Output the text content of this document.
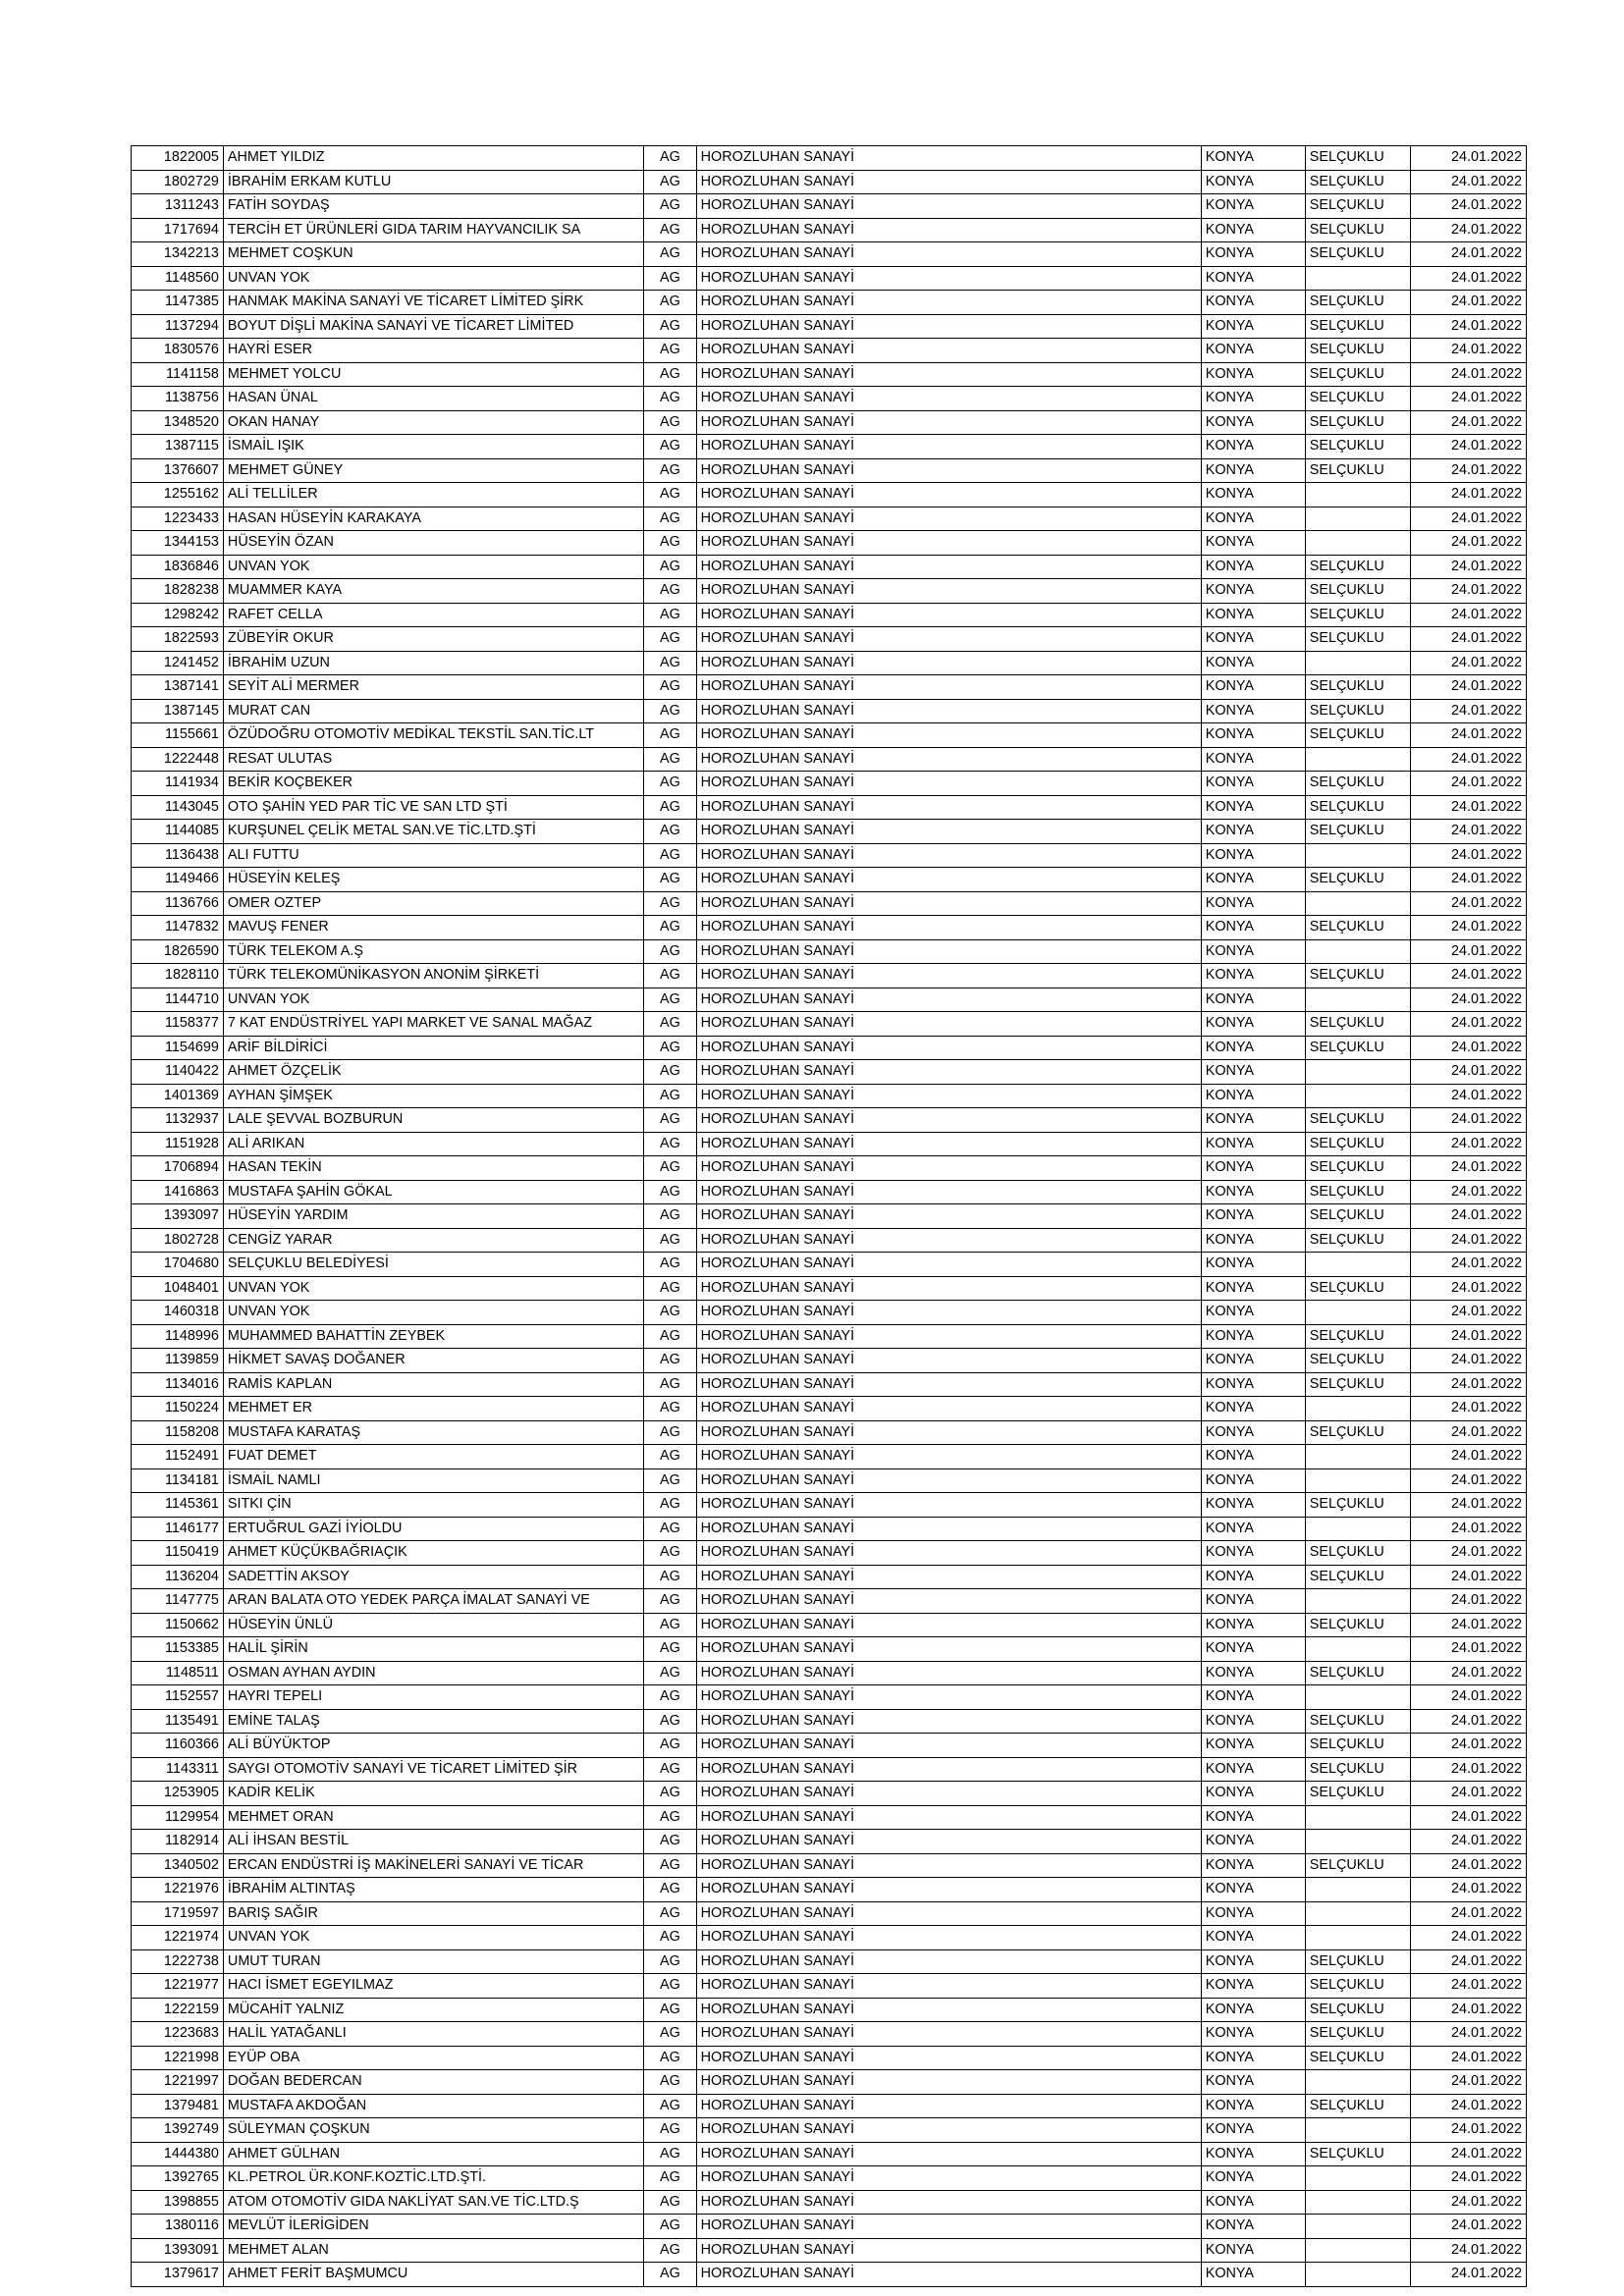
1822005	AHMET YILDIZ	AG	HOROZLUHAN SANAYİ	KONYA	SELÇUKLU	24.01.2022
1802729	İBRAHİM ERKAM KUTLU	AG	HOROZLUHAN SANAYİ	KONYA	SELÇUKLU	24.01.2022
1311243	FATİH SOYDAŞ	AG	HOROZLUHAN SANAYİ	KONYA	SELÇUKLU	24.01.2022
1717694	TERCİH ET ÜRÜNLERİ GIDA TARIM HAYVANCILIK SA	AG	HOROZLUHAN SANAYİ	KONYA	SELÇUKLU	24.01.2022
1342213	MEHMET COŞKUN	AG	HOROZLUHAN SANAYİ	KONYA	SELÇUKLU	24.01.2022
1148560	UNVAN YOK	AG	HOROZLUHAN SANAYİ	KONYA		24.01.2022
1147385	HANMAK MAKİNA SANAYİ VE TİCARET LİMİTED ŞİRK	AG	HOROZLUHAN SANAYİ	KONYA	SELÇUKLU	24.01.2022
1137294	BOYUT DİŞLİ MAKİNA SANAYİ VE TİCARET LİMİTED	AG	HOROZLUHAN SANAYİ	KONYA	SELÇUKLU	24.01.2022
1830576	HAYRİ ESER	AG	HOROZLUHAN SANAYİ	KONYA	SELÇUKLU	24.01.2022
1141158	MEHMET YOLCU	AG	HOROZLUHAN SANAYİ	KONYA	SELÇUKLU	24.01.2022
1138756	HASAN ÜNAL	AG	HOROZLUHAN SANAYİ	KONYA	SELÇUKLU	24.01.2022
1348520	OKAN HANAY	AG	HOROZLUHAN SANAYİ	KONYA	SELÇUKLU	24.01.2022
1387115	İSMAİL IŞIK	AG	HOROZLUHAN SANAYİ	KONYA	SELÇUKLU	24.01.2022
1376607	MEHMET GÜNEY	AG	HOROZLUHAN SANAYİ	KONYA	SELÇUKLU	24.01.2022
1255162	ALİ TELLİLER	AG	HOROZLUHAN SANAYİ	KONYA		24.01.2022
1223433	HASAN HÜSEYİN KARAKAYA	AG	HOROZLUHAN SANAYİ	KONYA		24.01.2022
1344153	HÜSEYİN ÖZAN	AG	HOROZLUHAN SANAYİ	KONYA		24.01.2022
1836846	UNVAN YOK	AG	HOROZLUHAN SANAYİ	KONYA	SELÇUKLU	24.01.2022
1828238	MUAMMER KAYA	AG	HOROZLUHAN SANAYİ	KONYA	SELÇUKLU	24.01.2022
1298242	RAFET CELLA	AG	HOROZLUHAN SANAYİ	KONYA	SELÇUKLU	24.01.2022
1822593	ZÜBEYİR OKUR	AG	HOROZLUHAN SANAYİ	KONYA	SELÇUKLU	24.01.2022
1241452	İBRAHİM UZUN	AG	HOROZLUHAN SANAYİ	KONYA		24.01.2022
1387141	SEYİT ALİ MERMER	AG	HOROZLUHAN SANAYİ	KONYA	SELÇUKLU	24.01.2022
1387145	MURAT CAN	AG	HOROZLUHAN SANAYİ	KONYA	SELÇUKLU	24.01.2022
1155661	ÖZÜDOĞRU OTOMOTİV MEDİKAL TEKSTİL SAN.TİC.LT	AG	HOROZLUHAN SANAYİ	KONYA	SELÇUKLU	24.01.2022
1222448	RESAT ULUTAS	AG	HOROZLUHAN SANAYİ	KONYA		24.01.2022
1141934	BEKİR KOÇBEKER	AG	HOROZLUHAN SANAYİ	KONYA	SELÇUKLU	24.01.2022
1143045	OTO ŞAHİN YED PAR TİC VE SAN LTD ŞTİ	AG	HOROZLUHAN SANAYİ	KONYA	SELÇUKLU	24.01.2022
1144085	KURŞUNEL ÇELİK METAL SAN.VE TİC.LTD.ŞTİ	AG	HOROZLUHAN SANAYİ	KONYA	SELÇUKLU	24.01.2022
1136438	ALI FUTTU	AG	HOROZLUHAN SANAYİ	KONYA		24.01.2022
1149466	HÜSEYİN KELEŞ	AG	HOROZLUHAN SANAYİ	KONYA	SELÇUKLU	24.01.2022
1136766	OMER OZTEP	AG	HOROZLUHAN SANAYİ	KONYA		24.01.2022
1147832	MAVUŞ FENER	AG	HOROZLUHAN SANAYİ	KONYA	SELÇUKLU	24.01.2022
1826590	TÜRK TELEKOM A.Ş	AG	HOROZLUHAN SANAYİ	KONYA		24.01.2022
1828110	TÜRK TELEKOMÜNİKASYON ANONİM ŞİRKETİ	AG	HOROZLUHAN SANAYİ	KONYA	SELÇUKLU	24.01.2022
1144710	UNVAN YOK	AG	HOROZLUHAN SANAYİ	KONYA		24.01.2022
1158377	7 KAT ENDÜSTRİYEL YAPI MARKET VE SANAL MAĞAZ	AG	HOROZLUHAN SANAYİ	KONYA	SELÇUKLU	24.01.2022
1154699	ARİF BİLDİRİCİ	AG	HOROZLUHAN SANAYİ	KONYA	SELÇUKLU	24.01.2022
1140422	AHMET ÖZÇELİK	AG	HOROZLUHAN SANAYİ	KONYA		24.01.2022
1401369	AYHAN ŞİMŞEK	AG	HOROZLUHAN SANAYİ	KONYA		24.01.2022
1132937	LALE ŞEVVAL BOZBURUN	AG	HOROZLUHAN SANAYİ	KONYA	SELÇUKLU	24.01.2022
1151928	ALİ ARIKAN	AG	HOROZLUHAN SANAYİ	KONYA	SELÇUKLU	24.01.2022
1706894	HASAN TEKİN	AG	HOROZLUHAN SANAYİ	KONYA	SELÇUKLU	24.01.2022
1416863	MUSTAFA ŞAHİN GÖKAL	AG	HOROZLUHAN SANAYİ	KONYA	SELÇUKLU	24.01.2022
1393097	HÜSEYİN YARDIM	AG	HOROZLUHAN SANAYİ	KONYA	SELÇUKLU	24.01.2022
1802728	CENGİZ YARAR	AG	HOROZLUHAN SANAYİ	KONYA	SELÇUKLU	24.01.2022
1704680	SELÇUKLU BELEDİYESİ	AG	HOROZLUHAN SANAYİ	KONYA		24.01.2022
1048401	UNVAN YOK	AG	HOROZLUHAN SANAYİ	KONYA	SELÇUKLU	24.01.2022
1460318	UNVAN YOK	AG	HOROZLUHAN SANAYİ	KONYA		24.01.2022
1148996	MUHAMMED BAHATTİN ZEYBEK	AG	HOROZLUHAN SANAYİ	KONYA	SELÇUKLU	24.01.2022
1139859	HİKMET SAVAŞ DOĞANER	AG	HOROZLUHAN SANAYİ	KONYA	SELÇUKLU	24.01.2022
1134016	RAMİS KAPLAN	AG	HOROZLUHAN SANAYİ	KONYA	SELÇUKLU	24.01.2022
1150224	MEHMET ER	AG	HOROZLUHAN SANAYİ	KONYA		24.01.2022
1158208	MUSTAFA KARATAŞ	AG	HOROZLUHAN SANAYİ	KONYA	SELÇUKLU	24.01.2022
1152491	FUAT DEMET	AG	HOROZLUHAN SANAYİ	KONYA		24.01.2022
1134181	İSMAİL NAMLI	AG	HOROZLUHAN SANAYİ	KONYA		24.01.2022
1145361	SITKI ÇİN	AG	HOROZLUHAN SANAYİ	KONYA	SELÇUKLU	24.01.2022
1146177	ERTUĞRUL GAZİ İYİOLDU	AG	HOROZLUHAN SANAYİ	KONYA		24.01.2022
1150419	AHMET KÜÇÜKBAĞRIAÇIK	AG	HOROZLUHAN SANAYİ	KONYA	SELÇUKLU	24.01.2022
1136204	SADETTİN AKSOY	AG	HOROZLUHAN SANAYİ	KONYA	SELÇUKLU	24.01.2022
1147775	ARAN BALATA OTO YEDEK PARÇA İMALAT SANAYİ VE	AG	HOROZLUHAN SANAYİ	KONYA		24.01.2022
1150662	HÜSEYİN ÜNLÜ	AG	HOROZLUHAN SANAYİ	KONYA	SELÇUKLU	24.01.2022
1153385	HALİL ŞİRİN	AG	HOROZLUHAN SANAYİ	KONYA		24.01.2022
1148511	OSMAN AYHAN AYDIN	AG	HOROZLUHAN SANAYİ	KONYA	SELÇUKLU	24.01.2022
1152557	HAYRI TEPELI	AG	HOROZLUHAN SANAYİ	KONYA		24.01.2022
1135491	EMİNE TALAŞ	AG	HOROZLUHAN SANAYİ	KONYA	SELÇUKLU	24.01.2022
1160366	ALİ BÜYÜKTOP	AG	HOROZLUHAN SANAYİ	KONYA	SELÇUKLU	24.01.2022
1143311	SAYGI OTOMOTİV SANAYİ VE TİCARET LİMİTED ŞİR	AG	HOROZLUHAN SANAYİ	KONYA	SELÇUKLU	24.01.2022
1253905	KADİR KELİK	AG	HOROZLUHAN SANAYİ	KONYA	SELÇUKLU	24.01.2022
1129954	MEHMET ORAN	AG	HOROZLUHAN SANAYİ	KONYA		24.01.2022
1182914	ALİ İHSAN BESTİL	AG	HOROZLUHAN SANAYİ	KONYA		24.01.2022
1340502	ERCAN ENDÜSTRİ İŞ MAKİNELERİ SANAYİ VE TİCAR	AG	HOROZLUHAN SANAYİ	KONYA	SELÇUKLU	24.01.2022
1221976	İBRAHİM ALTINTAŞ	AG	HOROZLUHAN SANAYİ	KONYA		24.01.2022
1719597	BARIŞ SAĞIR	AG	HOROZLUHAN SANAYİ	KONYA		24.01.2022
1221974	UNVAN YOK	AG	HOROZLUHAN SANAYİ	KONYA		24.01.2022
1222738	UMUT TURAN	AG	HOROZLUHAN SANAYİ	KONYA	SELÇUKLU	24.01.2022
1221977	HACI İSMET EGEYILMAZ	AG	HOROZLUHAN SANAYİ	KONYA	SELÇUKLU	24.01.2022
1222159	MÜCAHİT YALNIZ	AG	HOROZLUHAN SANAYİ	KONYA	SELÇUKLU	24.01.2022
1223683	HALİL YATAĞANLI	AG	HOROZLUHAN SANAYİ	KONYA	SELÇUKLU	24.01.2022
1221998	EYÜP OBA	AG	HOROZLUHAN SANAYİ	KONYA	SELÇUKLU	24.01.2022
1221997	DOĞAN BEDERCAN	AG	HOROZLUHAN SANAYİ	KONYA		24.01.2022
1379481	MUSTAFA AKDOĞAN	AG	HOROZLUHAN SANAYİ	KONYA	SELÇUKLU	24.01.2022
1392749	SÜLEYMAN ÇOŞKUN	AG	HOROZLUHAN SANAYİ	KONYA		24.01.2022
1444380	AHMET GÜLHAN	AG	HOROZLUHAN SANAYİ	KONYA	SELÇUKLU	24.01.2022
1392765	KL.PETROL ÜR.KONF.KOZTİC.LTD.ŞTİ.	AG	HOROZLUHAN SANAYİ	KONYA		24.01.2022
1398855	ATOM OTOMOTİV GIDA NAKLİYAT SAN.VE TİC.LTD.Ş	AG	HOROZLUHAN SANAYİ	KONYA		24.01.2022
1380116	MEVLÜT İLERİGİDEN	AG	HOROZLUHAN SANAYİ	KONYA		24.01.2022
1393091	MEHMET ALAN	AG	HOROZLUHAN SANAYİ	KONYA		24.01.2022
1379617	AHMET FERİT BAŞMUMCU	AG	HOROZLUHAN SANAYİ	KONYA		24.01.2022
